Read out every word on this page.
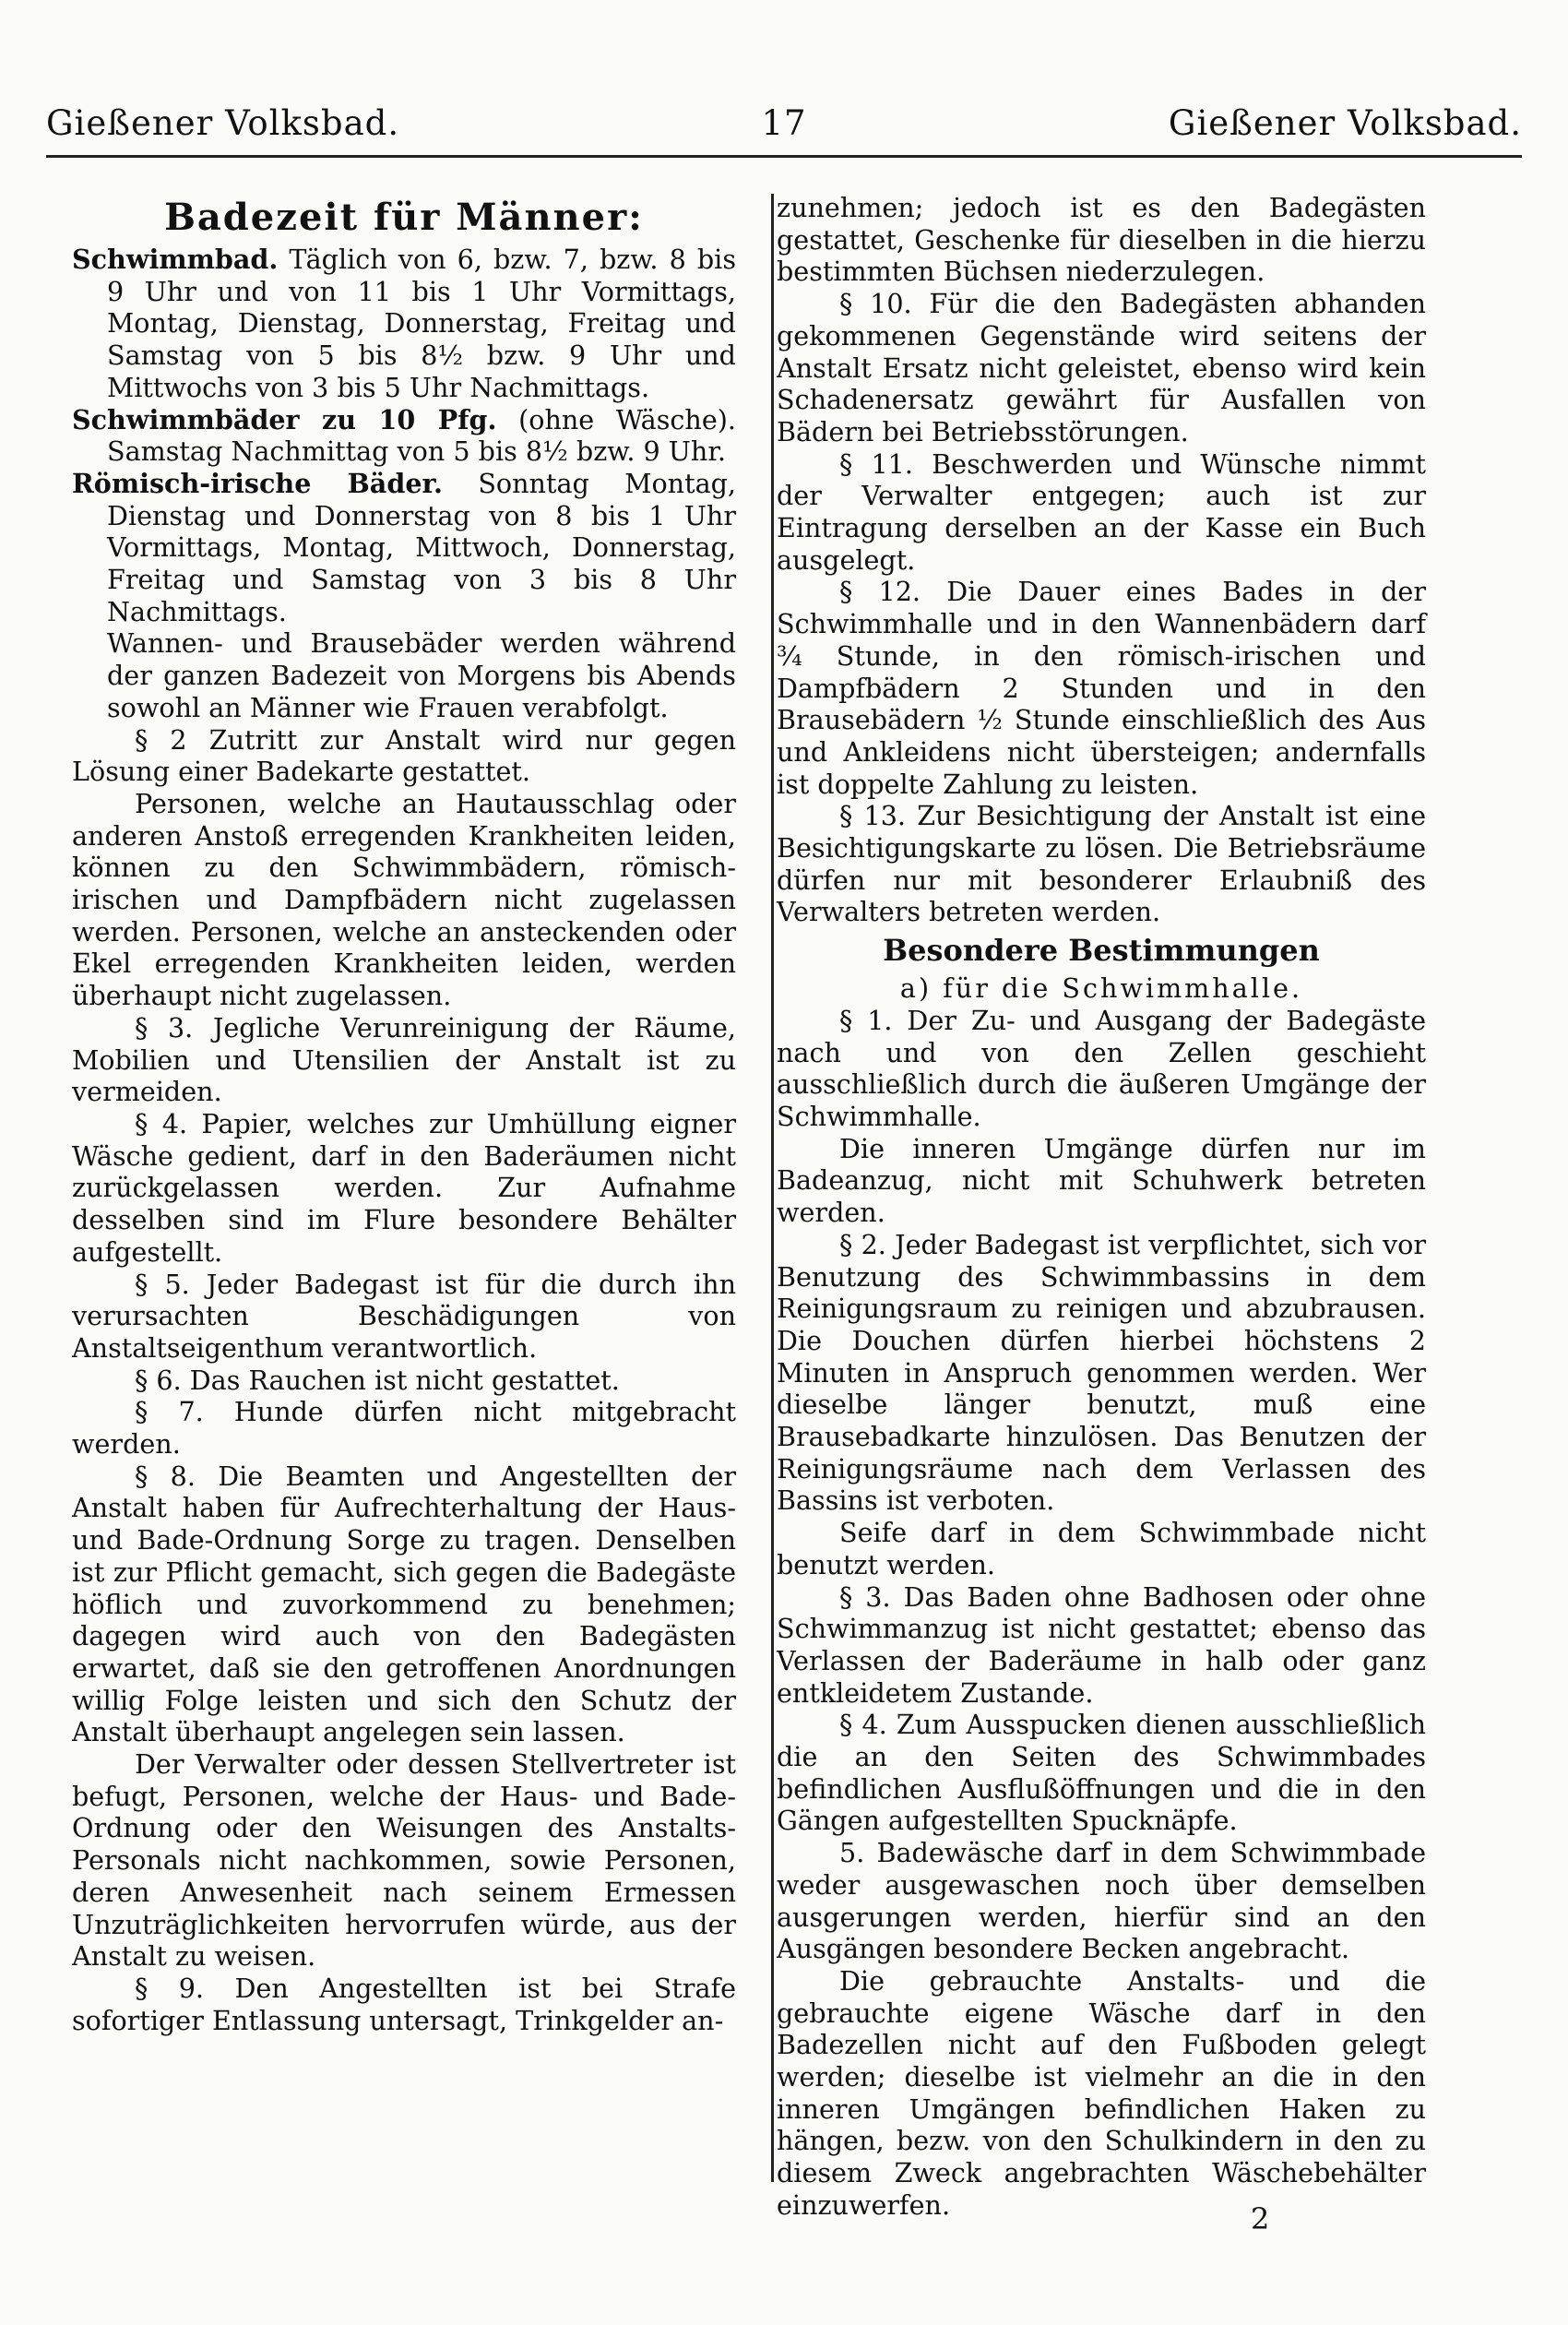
Gießener Volksbad.	17	Gießener Volksbad.

Badezeit für Männer:

Schwimmbad. Täglich von 6, bzw. 7, bzw. 8 bis 9 Uhr und von 11 bis 1 Uhr Vormittags, Montag, Dienstag, Donnerstag, Freitag und Samstag von 5 bis 8½ bzw. 9 Uhr und Mittwochs von 3 bis 5 Uhr Nachmittags.

Schwimmbäder zu 10 Pfg. (ohne Wäsche). Samstag Nachmittag von 5 bis 8½ bzw. 9 Uhr.

Römisch-irische Bäder. Sonntag Montag, Dienstag und Donnerstag von 8 bis 1 Uhr Vormittags, Montag, Mittwoch, Donnerstag, Freitag und Samstag von 3 bis 8 Uhr Nachmittags.

Wannen- und Brausebäder werden während der ganzen Badezeit von Morgens bis Abends sowohl an Männer wie Frauen verabfolgt.

§ 2 Zutritt zur Anstalt wird nur gegen Lösung einer Badekarte gestattet.

Personen, welche an Hautausschlag oder anderen Anstoß erregenden Krankheiten leiden, können zu den Schwimmbädern, römisch-irischen und Dampfbädern nicht zugelassen werden. Personen, welche an ansteckenden oder Ekel erregenden Krankheiten leiden, werden überhaupt nicht zugelassen.

§ 3. Jegliche Verunreinigung der Räume, Mobilien und Utensilien der Anstalt ist zu vermeiden.

§ 4. Papier, welches zur Umhüllung eigner Wäsche gedient, darf in den Baderäumen nicht zurückgelassen werden. Zur Aufnahme desselben sind im Flure besondere Behälter aufgestellt.

§ 5. Jeder Badegast ist für die durch ihn verursachten Beschädigungen von Anstaltseigenthum verantwortlich.

§ 6. Das Rauchen ist nicht gestattet.

§ 7. Hunde dürfen nicht mitgebracht werden.

§ 8. Die Beamten und Angestellten der Anstalt haben für Aufrechterhaltung der Haus- und Bade-Ordnung Sorge zu tragen. Denselben ist zur Pflicht gemacht, sich gegen die Badegäste höflich und zuvorkommend zu benehmen; dagegen wird auch von den Badegästen erwartet, daß sie den getroffenen Anordnungen willig Folge leisten und sich den Schutz der Anstalt überhaupt angelegen sein lassen.

Der Verwalter oder dessen Stellvertreter ist befugt, Personen, welche der Haus- und Bade-Ordnung oder den Weisungen des Anstalts-Personals nicht nachkommen, sowie Personen, deren Anwesenheit nach seinem Ermessen Unzuträglichkeiten hervorrufen würde, aus der Anstalt zu weisen.

§ 9. Den Angestellten ist bei Strafe sofortiger Entlassung untersagt, Trinkgelder an-

zunehmen; jedoch ist es den Badegästen gestattet, Geschenke für dieselben in die hierzu bestimmten Büchsen niederzulegen.

§ 10. Für die den Badegästen abhanden gekommenen Gegenstände wird seitens der Anstalt Ersatz nicht geleistet, ebenso wird kein Schadenersatz gewährt für Ausfallen von Bädern bei Betriebsstörungen.

§ 11. Beschwerden und Wünsche nimmt der Verwalter entgegen; auch ist zur Eintragung derselben an der Kasse ein Buch ausgelegt.

§ 12. Die Dauer eines Bades in der Schwimmhalle und in den Wannenbädern darf ¾ Stunde, in den römisch-irischen und Dampfbädern 2 Stunden und in den Brausebädern ½ Stunde einschließlich des Aus und Ankleidens nicht übersteigen; andernfalls ist doppelte Zahlung zu leisten.

§ 13. Zur Besichtigung der Anstalt ist eine Besichtigungskarte zu lösen. Die Betriebsräume dürfen nur mit besonderer Erlaubniß des Verwalters betreten werden.

Besondere Bestimmungen

a) für die Schwimmhalle.

§ 1. Der Zu- und Ausgang der Badegäste nach und von den Zellen geschieht ausschließlich durch die äußeren Umgänge der Schwimmhalle.

Die inneren Umgänge dürfen nur im Badeanzug, nicht mit Schuhwerk betreten werden.

§ 2. Jeder Badegast ist verpflichtet, sich vor Benutzung des Schwimmbassins in dem Reinigungsraum zu reinigen und abzubrausen. Die Douchen dürfen hierbei höchstens 2 Minuten in Anspruch genommen werden. Wer dieselbe länger benutzt, muß eine Brausebadkarte hinzulösen. Das Benutzen der Reinigungsräume nach dem Verlassen des Bassins ist verboten.

Seife darf in dem Schwimmbade nicht benutzt werden.

§ 3. Das Baden ohne Badhosen oder ohne Schwimmanzug ist nicht gestattet; ebenso das Verlassen der Baderäume in halb oder ganz entkleidetem Zustande.

§ 4. Zum Ausspucken dienen ausschließlich die an den Seiten des Schwimmbades befindlichen Ausflußöffnungen und die in den Gängen aufgestellten Spucknäpfe.

5. Badewäsche darf in dem Schwimmbade weder ausgewaschen noch über demselben ausgerungen werden, hierfür sind an den Ausgängen besondere Becken angebracht.

Die gebrauchte Anstalts- und die gebrauchte eigene Wäsche darf in den Badezellen nicht auf den Fußboden gelegt werden; dieselbe ist vielmehr an die in den inneren Umgängen befindlichen Haken zu hängen, bezw. von den Schulkindern in den zu diesem Zweck angebrachten Wäschebehälter einzuwerfen.	2
